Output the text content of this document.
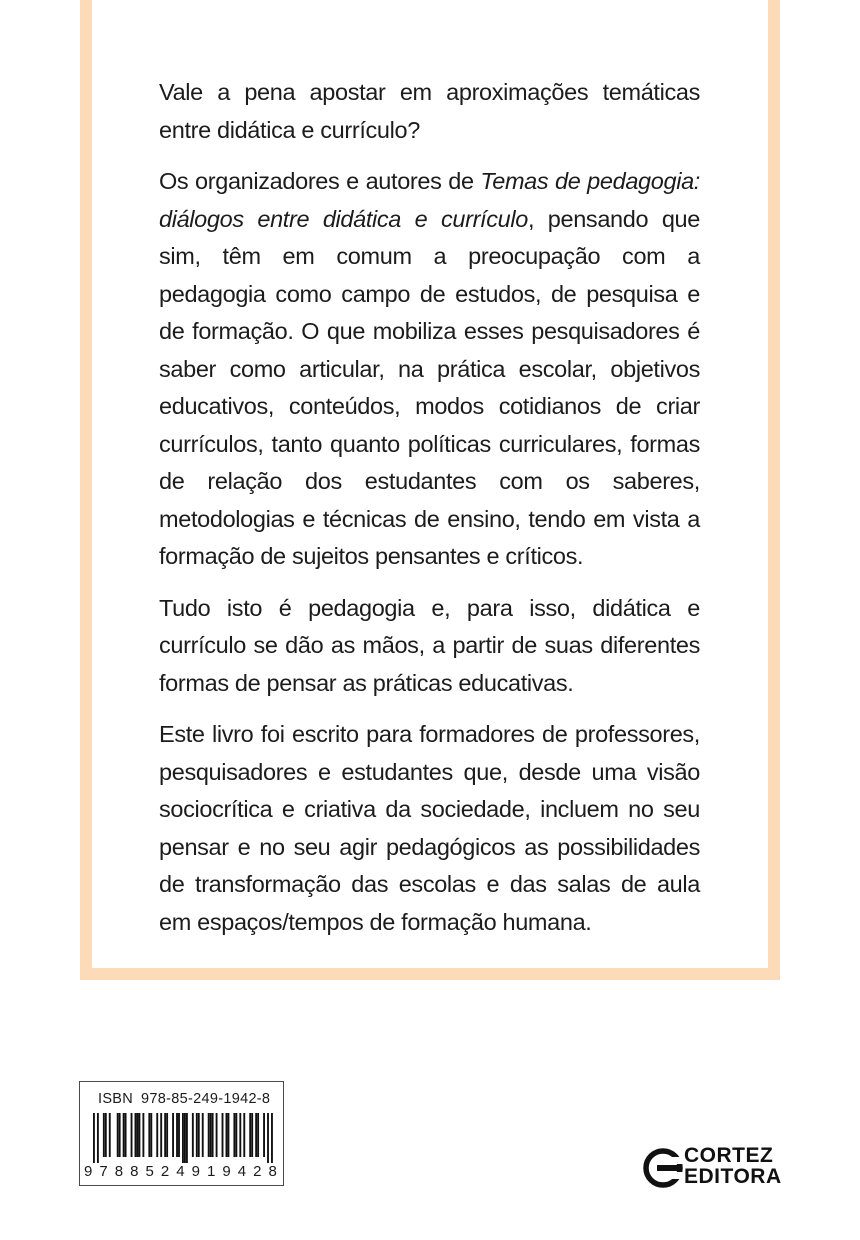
Vale a pena apostar em aproximações temáticas entre didática e currículo?

Os organizadores e autores de Temas de pedagogia: diálogos entre didática e currículo, pensando que sim, têm em comum a preocupação com a pedagogia como campo de estudos, de pesquisa e de formação. O que mobiliza esses pesquisadores é saber como articular, na prática escolar, objetivos educativos, conteúdos, modos cotidianos de criar currículos, tanto quanto políticas curriculares, formas de relação dos estudantes com os saberes, metodologias e técnicas de ensino, tendo em vista a formação de sujeitos pensantes e críticos.

Tudo isto é pedagogia e, para isso, didática e currículo se dão as mãos, a partir de suas diferentes formas de pensar as práticas educativas.

Este livro foi escrito para formadores de professores, pesquisadores e estudantes que, desde uma visão sociocrítica e criativa da sociedade, incluem no seu pensar e no seu agir pedagógicos as possibilidades de transformação das escolas e das salas de aula em espaços/tempos de formação humana.

ISBN 978-85-249-1942-8
9 7 8 8 5 2 4 9 1 9 4 2 8
CORTEZ
EDITORA
